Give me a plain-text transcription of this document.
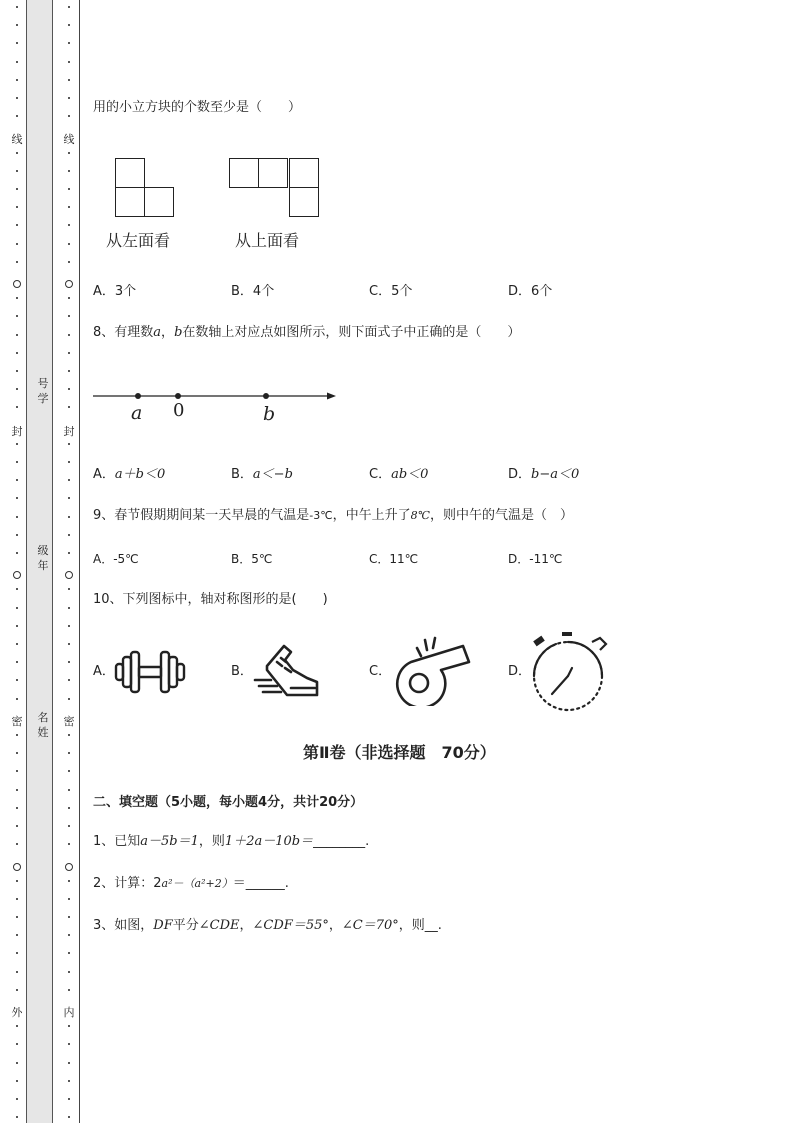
线
封
密
外
线
封
密
内
号学
级年
名姓
用的小立方块的个数至少是（　　）
从左面看	从上面看
A．3个	B．4个	C．5个	D．6个
8、有理数a，b在数轴上对应点如图所示，则下面式子中正确的是（　　）
a 0	b
A．a＋b＜0	B．a＜−b	C．ab＜0	D．b−a＜0
9、春节假期期间某一天早晨的气温是-3℃，中午上升了8℃，则中午的气温是（　）
A．-5℃	B．5℃	C．11℃	D．-11℃
10、下列图标中，轴对称图形的是(　　)
A．	B．	C．	D．
第Ⅱ卷（非选择题　70分）
二、填空题（5小题，每小题4分，共计20分）
1、已知a－5b＝1，则1＋2a－10b＝________.
2、计算：2a²－（a²+2）＝______.
3、如图，DF平分∠CDE，∠CDF＝55°，∠C＝70°，则__.
